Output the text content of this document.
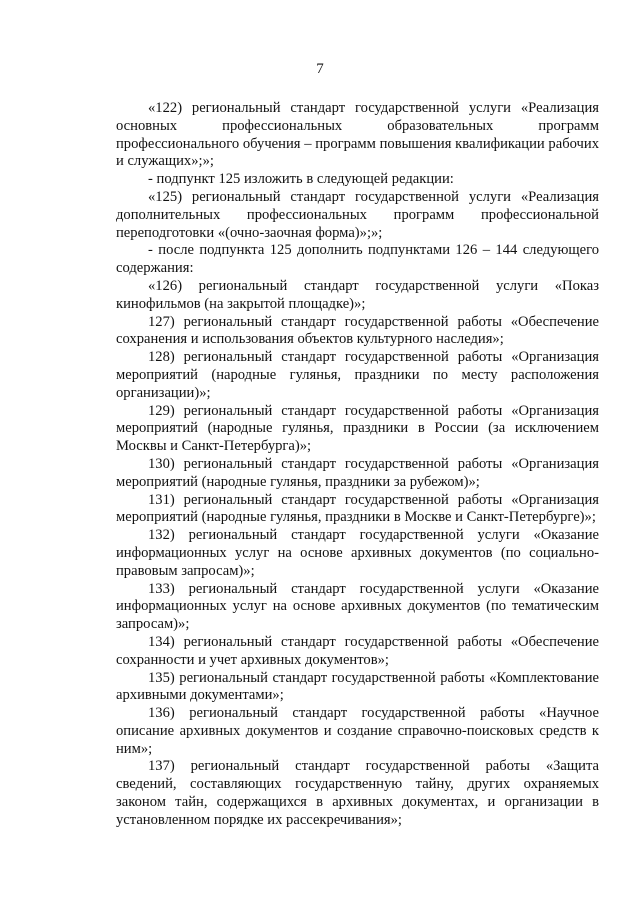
7

«122) региональный стандарт государственной услуги «Реализация основных профессиональных образовательных программ профессионального обучения – программ повышения квалификации рабочих и служащих»;»;

- подпункт 125 изложить в следующей редакции:

«125) региональный стандарт государственной услуги «Реализация дополнительных профессиональных программ профессиональной переподготовки «(очно-заочная форма)»;»;

- после подпункта 125 дополнить подпунктами 126 – 144 следующего содержания:

«126) региональный стандарт государственной услуги «Показ кинофильмов (на закрытой площадке)»;

127) региональный стандарт государственной работы «Обеспечение сохранения и использования объектов культурного наследия»;

128) региональный стандарт государственной работы «Организация мероприятий (народные гулянья, праздники по месту расположения организации)»;

129) региональный стандарт государственной работы «Организация мероприятий (народные гулянья, праздники в России (за исключением Москвы и Санкт-Петербурга)»;

130) региональный стандарт государственной работы «Организация мероприятий (народные гулянья, праздники за рубежом)»;

131) региональный стандарт государственной работы «Организация мероприятий (народные гулянья, праздники в Москве и Санкт-Петербурге)»;

132) региональный стандарт государственной услуги «Оказание информационных услуг на основе архивных документов (по социально-правовым запросам)»;

133) региональный стандарт государственной услуги «Оказание информационных услуг на основе архивных документов (по тематическим запросам)»;

134) региональный стандарт государственной работы «Обеспечение сохранности и учет архивных документов»;

135) региональный стандарт государственной работы «Комплектование архивными документами»;

136) региональный стандарт государственной работы «Научное описание архивных документов и создание справочно-поисковых средств к ним»;

137) региональный стандарт государственной работы «Защита сведений, составляющих государственную тайну, других охраняемых законом тайн, содержащихся в архивных документах, и организации в установленном порядке их рассекречивания»;
